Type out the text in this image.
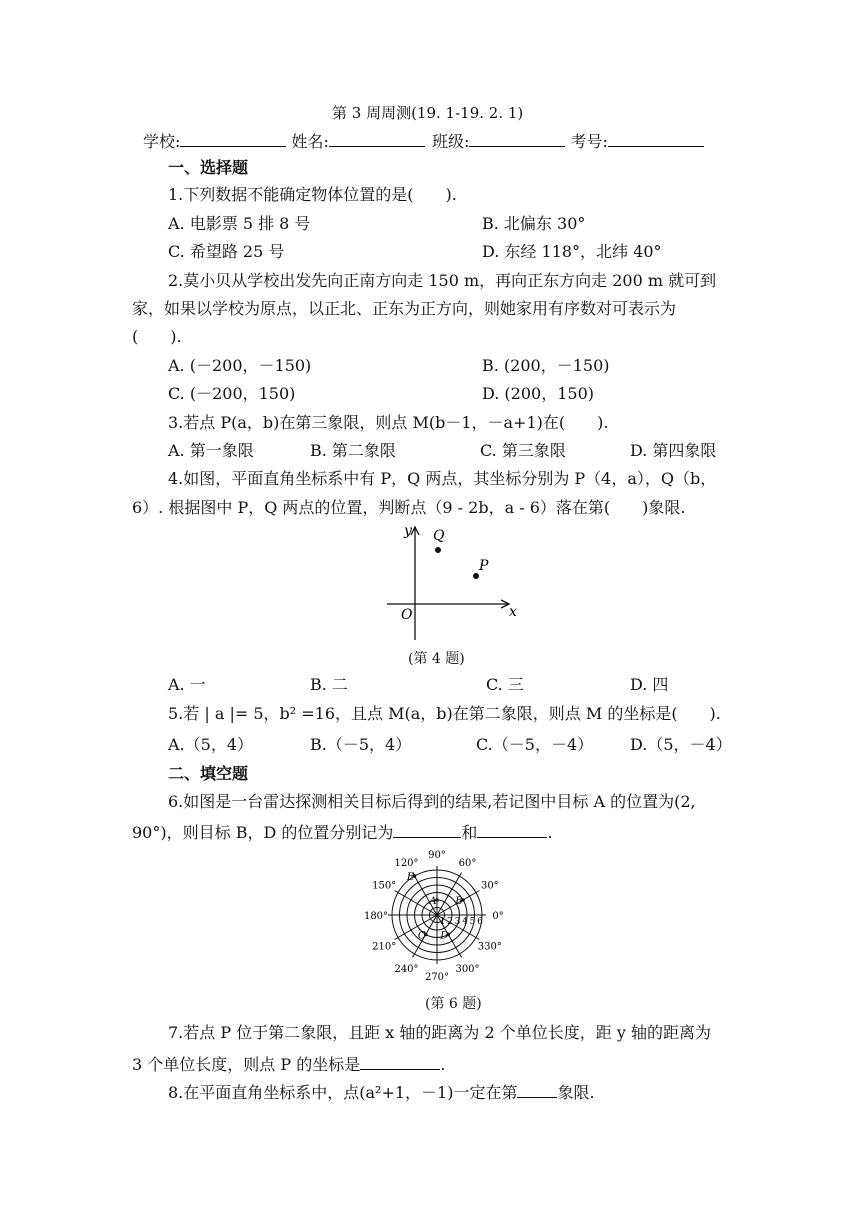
第 3 周周测(19. 1-19. 2. 1)
学校:	姓名:	班级:	考号:
一、选择题
1.下列数据不能确定物体位置的是(　　).
A. 电影票 5 排 8 号	B. 北偏东 30°
C. 希望路 25 号	D. 东经 118°，北纬 40°
2.莫小贝从学校出发先向正南方向走 150 m，再向正东方向走 200 m 就可到
家，如果以学校为原点，以正北、正东为正方向，则她家用有序数对可表示为
(　　).
A. (－200，－150)	B. (200，－150)
C. (－200，150)	D. (200，150)
3.若点 P(a，b)在第三象限，则点 M(b－1，－a+1)在(　　).
A. 第一象限	B. 第二象限	C. 第三象限	D. 第四象限
4.如图，平面直角坐标系中有 P，Q 两点，其坐标分别为 P（4，a），Q（b，
6）. 根据图中 P，Q 两点的位置，判断点（9 - 2b，a - 6）落在第(　　)象限.
y
x
O
Q
P
(第 4 题)
A. 一	B. 二	C. 三	D. 四
5.若 | a |= 5，b² =16，且点 M(a，b)在第二象限，则点 M 的坐标是(　　).
A.（5，4）	B.（－5，4）	C.（－5，－4） D.（5，－4）
二、填空题
6.如图是一台雷达探测相关目标后得到的结果,若记图中目标 A 的位置为(2,
90°)，则目标 B，D 的位置分别记为	和	.
90°
60°
30°
0°
330°
300°
270°
240°
210°
180°
150°
120°
1 2 3 4 5 6
A B
C D
E
(第 6 题)
7.若点 P 位于第二象限，且距 x 轴的距离为 2 个单位长度，距 y 轴的距离为
3 个单位长度，则点 P 的坐标是	.
8.在平面直角坐标系中，点(a²+1，－1)一定在第	象限.
